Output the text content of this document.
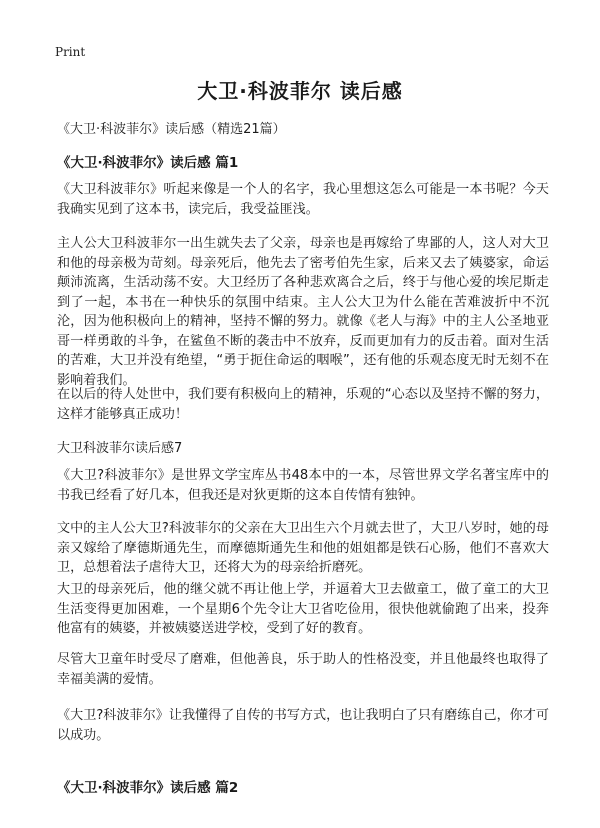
Print
大卫·科波菲尔 读后感
《大卫·科波菲尔》读后感（精选21篇）
《大卫·科波菲尔》读后感 篇1

《大卫科波菲尔》听起来像是一个人的名字，我心里想这怎么可能是一本书呢？今天我确实见到了这本书，读完后，我受益匪浅。

主人公大卫科波菲尔一出生就失去了父亲，母亲也是再嫁给了卑鄙的人，这人对大卫和他的母亲极为苛刻。母亲死后，他先去了密考伯先生家，后来又去了姨婆家，命运颠沛流离，生活动荡不安。大卫经历了各种悲欢离合之后，终于与他心爱的埃尼斯走到了一起，本书在一种快乐的氛围中结束。主人公大卫为什么能在苦难波折中不沉沦，因为他积极向上的精神，坚持不懈的努力。就像《老人与海》中的主人公圣地亚哥一样勇敢的斗争，在鲨鱼不断的袭击中不放弃，反而更加有力的反击着。面对生活的苦难，大卫并没有绝望，“勇于扼住命运的咽喉”，还有他的乐观态度无时无刻不在影响着我们。

在以后的待人处世中，我们要有积极向上的精神，乐观的“心态以及坚持不懈的努力，这样才能够真正成功！

大卫科波菲尔读后感7

《大卫?科波菲尔》是世界文学宝库丛书48本中的一本，尽管世界文学名著宝库中的书我已经看了好几本，但我还是对狄更斯的这本自传情有独钟。

文中的主人公大卫?科波菲尔的父亲在大卫出生六个月就去世了，大卫八岁时，她的母亲又嫁给了摩德斯通先生，而摩德斯通先生和他的姐姐都是铁石心肠，他们不喜欢大卫，总想着法子虐待大卫，还将大为的母亲给折磨死。

大卫的母亲死后，他的继父就不再让他上学，并逼着大卫去做童工，做了童工的大卫生活变得更加困难，一个星期6个先令让大卫省吃俭用，很快他就偷跑了出来，投奔他富有的姨婆，并被姨婆送进学校，受到了好的教育。

尽管大卫童年时受尽了磨难，但他善良，乐于助人的性格没变，并且他最终也取得了幸福美满的爱情。

《大卫?科波菲尔》让我懂得了自传的书写方式，也让我明白了只有磨练自己，你才可以成功。

《大卫·科波菲尔》读后感 篇2
